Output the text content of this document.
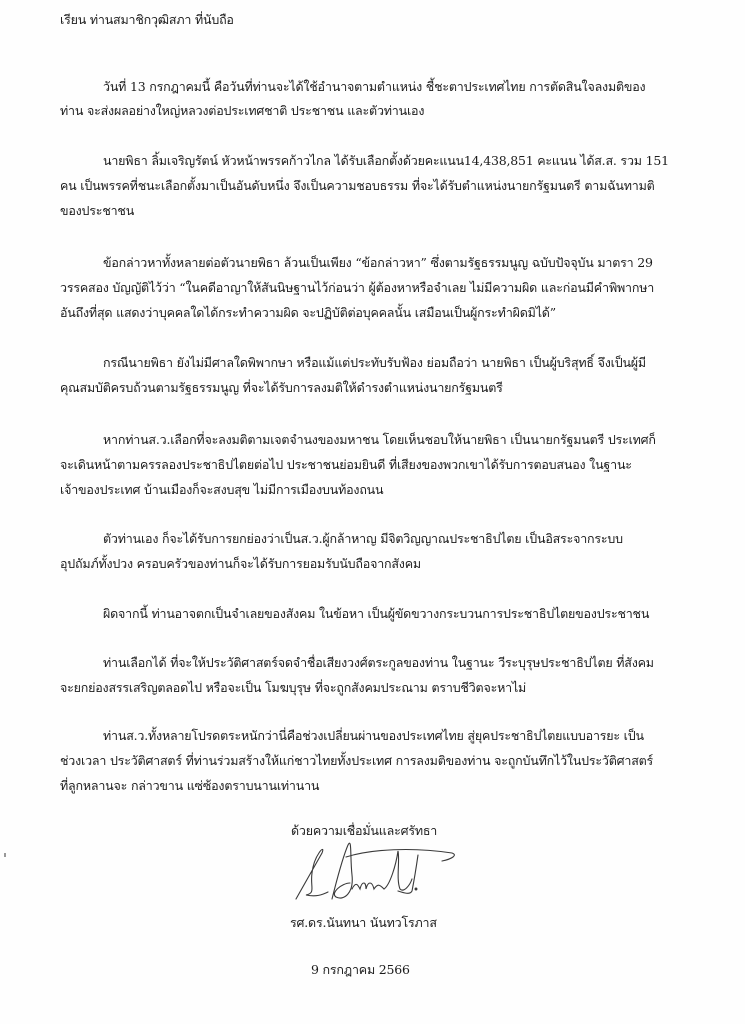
เรียน ท่านสมาชิกวุฒิสภา ที่นับถือ
วันที่ 13 กรกฎาคมนี้ คือวันที่ท่านจะได้ใช้อำนาจตามตำแหน่ง ชี้ชะตาประเทศไทย การตัดสินใจลงมติของ
ท่าน จะส่งผลอย่างใหญ่หลวงต่อประเทศชาติ ประชาชน และตัวท่านเอง
นายพิธา ลิ้มเจริญรัตน์ หัวหน้าพรรคก้าวไกล ได้รับเลือกตั้งด้วยคะแนน14,438,851 คะแนน ได้ส.ส. รวม 151
คน เป็นพรรคที่ชนะเลือกตั้งมาเป็นอันดับหนึ่ง จึงเป็นความชอบธรรม ที่จะได้รับตำแหน่งนายกรัฐมนตรี ตามฉันทามติ
ของประชาชน
ข้อกล่าวหาทั้งหลายต่อตัวนายพิธา ล้วนเป็นเพียง “ข้อกล่าวหา” ซึ่งตามรัฐธรรมนูญ ฉบับปัจจุบัน มาตรา 29
วรรคสอง บัญญัติไว้ว่า “ในคดีอาญาให้สันนิษฐานไว้ก่อนว่า ผู้ต้องหาหรือจำเลย ไม่มีความผิด และก่อนมีคำพิพากษา
อันถึงที่สุด แสดงว่าบุคคลใดได้กระทำความผิด จะปฏิบัติต่อบุคคลนั้น เสมือนเป็นผู้กระทำผิดมิได้”
กรณีนายพิธา ยังไม่มีศาลใดพิพากษา หรือแม้แต่ประทับรับฟ้อง ย่อมถือว่า นายพิธา เป็นผู้บริสุทธิ์ จึงเป็นผู้มี
คุณสมบัติครบถ้วนตามรัฐธรรมนูญ ที่จะได้รับการลงมติให้ดำรงตำแหน่งนายกรัฐมนตรี
หากท่านส.ว.เลือกที่จะลงมติตามเจตจำนงของมหาชน โดยเห็นชอบให้นายพิธา เป็นนายกรัฐมนตรี ประเทศก็
จะเดินหน้าตามครรลองประชาธิปไตยต่อไป ประชาชนย่อมยินดี ที่เสียงของพวกเขาได้รับการตอบสนอง ในฐานะ
เจ้าของประเทศ บ้านเมืองก็จะสงบสุข ไม่มีการเมืองบนท้องถนน
ตัวท่านเอง ก็จะได้รับการยกย่องว่าเป็นส.ว.ผู้กล้าหาญ มีจิตวิญญาณประชาธิปไตย เป็นอิสระจากระบบ
อุปถัมภ์ทั้งปวง ครอบครัวของท่านก็จะได้รับการยอมรับนับถือจากสังคม
ผิดจากนี้ ท่านอาจตกเป็นจำเลยของสังคม ในข้อหา เป็นผู้ขัดขวางกระบวนการประชาธิปไตยของประชาชน
ท่านเลือกได้ ที่จะให้ประวัติศาสตร์จดจำชื่อเสียงวงศ์ตระกูลของท่าน ในฐานะ วีระบุรุษประชาธิปไตย ที่สังคม
จะยกย่องสรรเสริญตลอดไป หรือจะเป็น โมฆบุรุษ ที่จะถูกสังคมประณาม ตราบชีวิตจะหาไม่
ท่านส.ว.ทั้งหลายโปรดตระหนักว่านี่คือช่วงเปลี่ยนผ่านของประเทศไทย สู่ยุคประชาธิปไตยแบบอารยะ เป็น
ช่วงเวลา ประวัติศาสตร์ ที่ท่านร่วมสร้างให้แก่ชาวไทยทั้งประเทศ การลงมติของท่าน จะถูกบันทึกไว้ในประวัติศาสตร์
ที่ลูกหลานจะ กล่าวขาน แซ่ซ้องตราบนานเท่านาน
ด้วยความเชื่อมั่นและศรัทธา
รศ.ดร.นันทนา นันทวโรภาส
9 กรกฎาคม 2566
